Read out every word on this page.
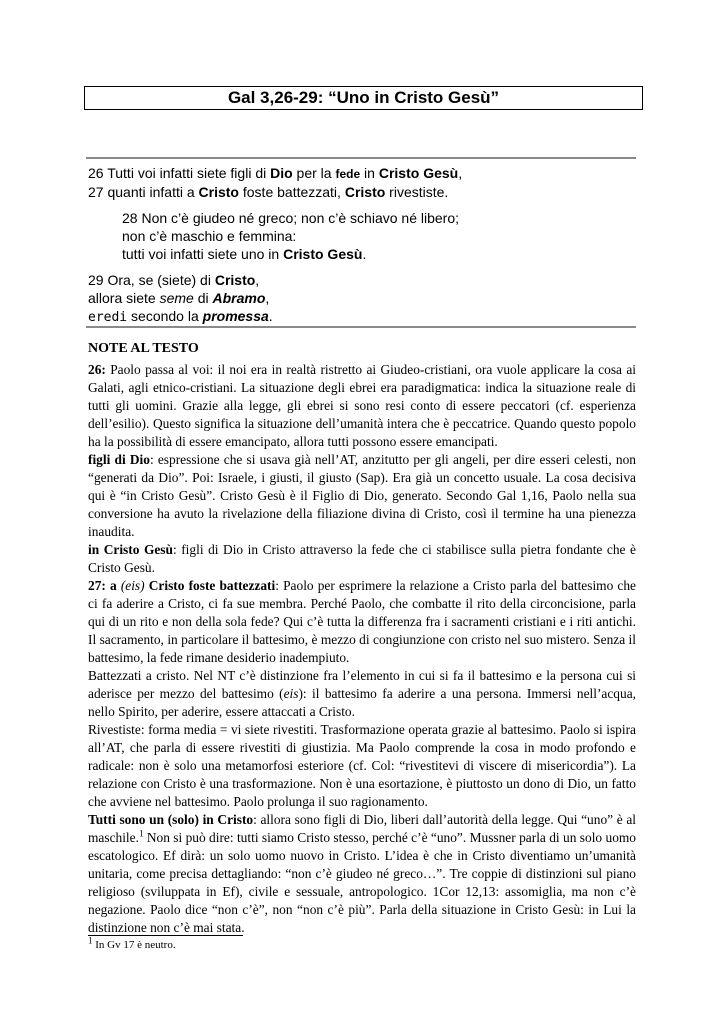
Gal 3,26-29: “Uno in Cristo Gesù”
26 Tutti voi infatti siete figli di Dio per la fede in Cristo Gesù,
27 quanti infatti a Cristo foste battezzati, Cristo rivestiste.
28 Non c’è giudeo né greco; non c’è schiavo né libero;
non c’è maschio e femmina:
tutti voi infatti siete uno in Cristo Gesù.
29 Ora, se (siete) di Cristo,
allora siete seme di Abramo,
eredi secondo la promessa.
NOTE AL TESTO

26: Paolo passa al voi: il noi era in realtà ristretto ai Giudeo-cristiani, ora vuole applicare la cosa ai Galati, agli etnico-cristiani. La situazione degli ebrei era paradigmatica: indica la situazione reale di tutti gli uomini. Grazie alla legge, gli ebrei si sono resi conto di essere peccatori (cf. esperienza dell’esilio). Questo significa la situazione dell’umanità intera che è peccatrice. Quando questo popolo ha la possibilità di essere emancipato, allora tutti possono essere emancipati.

figli di Dio: espressione che si usava già nell’AT, anzitutto per gli angeli, per dire esseri celesti, non “generati da Dio”. Poi: Israele, i giusti, il giusto (Sap). Era già un concetto usuale. La cosa decisiva qui è “in Cristo Gesù”. Cristo Gesù è il Figlio di Dio, generato. Secondo Gal 1,16, Paolo nella sua conversione ha avuto la rivelazione della filiazione divina di Cristo, così il termine ha una pienezza inaudita.

in Cristo Gesù: figli di Dio in Cristo attraverso la fede che ci stabilisce sulla pietra fondante che è Cristo Gesù.

27: a (eis) Cristo foste battezzati: Paolo per esprimere la relazione a Cristo parla del battesimo che ci fa aderire a Cristo, ci fa sue membra. Perché Paolo, che combatte il rito della circoncisione, parla qui di un rito e non della sola fede? Qui c’è tutta la differenza fra i sacramenti cristiani e i riti antichi. Il sacramento, in particolare il battesimo, è mezzo di congiunzione con cristo nel suo mistero. Senza il battesimo, la fede rimane desiderio inadempiuto.

Battezzati a cristo. Nel NT c’è distinzione fra l’elemento in cui si fa il battesimo e la persona cui si aderisce per mezzo del battesimo (eis): il battesimo fa aderire a una persona. Immersi nell’acqua, nello Spirito, per aderire, essere attaccati a Cristo.

Rivestiste: forma media = vi siete rivestiti. Trasformazione operata grazie al battesimo. Paolo si ispira all’AT, che parla di essere rivestiti di giustizia. Ma Paolo comprende la cosa in modo profondo e radicale: non è solo una metamorfosi esteriore (cf. Col: “rivestitevi di viscere di misericordia”). La relazione con Cristo è una trasformazione. Non è una esortazione, è piuttosto un dono di Dio, un fatto che avviene nel battesimo. Paolo prolunga il suo ragionamento.

Tutti sono un (solo) in Cristo: allora sono figli di Dio, liberi dall’autorità della legge. Qui “uno” è al maschile.$^1$ Non si può dire: tutti siamo Cristo stesso, perché c’è “uno”. Mussner parla di un solo uomo escatologico. Ef dirà: un solo uomo nuovo in Cristo. L’idea è che in Cristo diventiamo un’umanità unitaria, come precisa dettagliando: “non c’è giudeo né greco…”. Tre coppie di distinzioni sul piano religioso (sviluppata in Ef), civile e sessuale, antropologico. 1Cor 12,13: assomiglia, ma non c’è negazione. Paolo dice “non c’è”, non “non c’è più”. Parla della situazione in Cristo Gesù: in Lui la distinzione non c’è mai stata.

$^1$ In Gv 17 è neutro.
